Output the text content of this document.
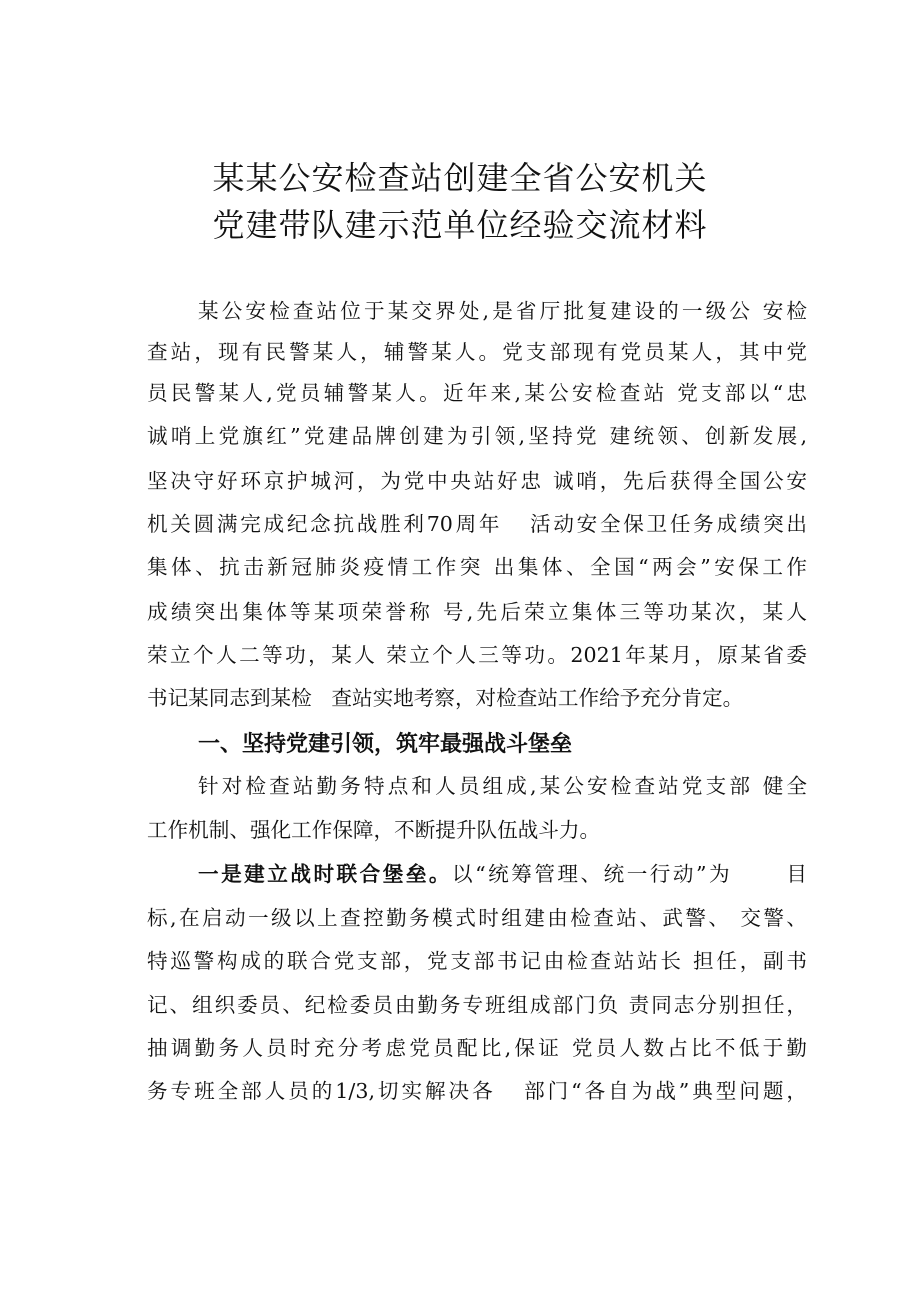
某某公安检查站创建全省公安机关
党建带队建示范单位经验交流材料
某公安检查站位于某交界处,是省厅批复建设的一级公 安检
查站，现有民警某人，辅警某人。党支部现有党员某人，其中党
员民警某人,党员辅警某人。近年来,某公安检查站 党支部以“忠
诚哨上党旗红”党建品牌创建为引领,坚持党 建统领、创新发展,
坚决守好环京护城河，为党中央站好忠 诚哨，先后获得全国公安
机关圆满完成纪念抗战胜利70周年   活动安全保卫任务成绩突出
集体、抗击新冠肺炎疫情工作突 出集体、全国“两会”安保工作
成绩突出集体等某项荣誉称 号,先后荣立集体三等功某次，某人
荣立个人二等功，某人 荣立个人三等功。2021年某月，原某省委
书记某同志到某检   查站实地考察，对检查站工作给予充分肯定。
一、坚持党建引领，筑牢最强战斗堡垒
针对检查站勤务特点和人员组成,某公安检查站党支部 健全
工作机制、强化工作保障，不断提升队伍战斗力。
一是建立战时联合堡垒。以“统筹管理、统一行动”为      目
标,在启动一级以上查控勤务模式时组建由检查站、武警、 交警、
特巡警构成的联合党支部，党支部书记由检查站站长 担任，副书
记、组织委员、纪检委员由勤务专班组成部门负 责同志分别担任，
抽调勤务人员时充分考虑党员配比,保证 党员人数占比不低于勤
务专班全部人员的1/3,切实解决各   部门“各自为战”典型问题，
